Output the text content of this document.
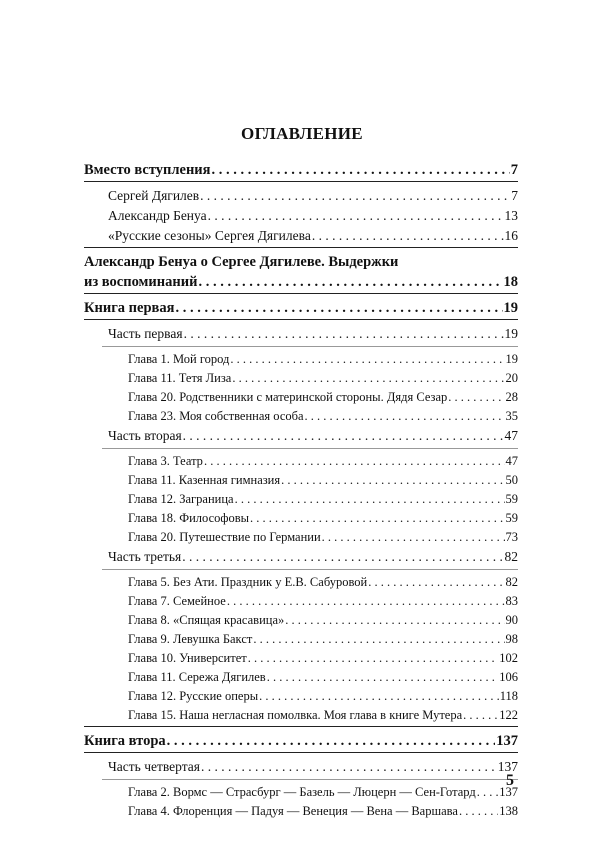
ОГЛАВЛЕНИЕ
Вместо вступления . . .	7
Сергей Дягилев . . .	7
Александр Бенуа . . .	13
«Русские сезоны» Сергея Дягилева . . .	16
Александр Бенуа о Сергее Дягилеве. Выдержки
из воспоминаний . . .	18
Книга первая . . .	19
Часть первая . . .	19
Глава 1. Мой город . . .	19
Глава 11. Тетя Лиза . . .	20
Глава 20. Родственники с материнской стороны. Дядя Сезар . . .	28
Глава 23. Моя собственная особа . . .	35
Часть вторая . . .	47
Глава 3. Театр . . .	47
Глава 11. Казенная гимназия . . .	50
Глава 12. Заграница . . .	59
Глава 18. Философовы . . .	59
Глава 20. Путешествие по Германии . . .	73
Часть третья . . .	82
Глава 5. Без Ати. Праздник у Е.В. Сабуровой . . .	82
Глава 7. Семейное . . .	83
Глава 8. «Спящая красавица» . . .	90
Глава 9. Левушка Бакст . . .	98
Глава 10. Университет . . .	102
Глава 11. Сережа Дягилев . . .	106
Глава 12. Русские оперы . . .	118
Глава 15. Наша негласная помолвка. Моя глава в книге Мутера . . .	122
Книга втора . . .	137
Часть четвертая . . .	137
Глава 2. Вормс — Страсбург — Базель — Люцерн — Сен-Готард . . . 137
Глава 4. Флоренция — Падуя — Венеция — Вена — Варшава . . .	138
5
